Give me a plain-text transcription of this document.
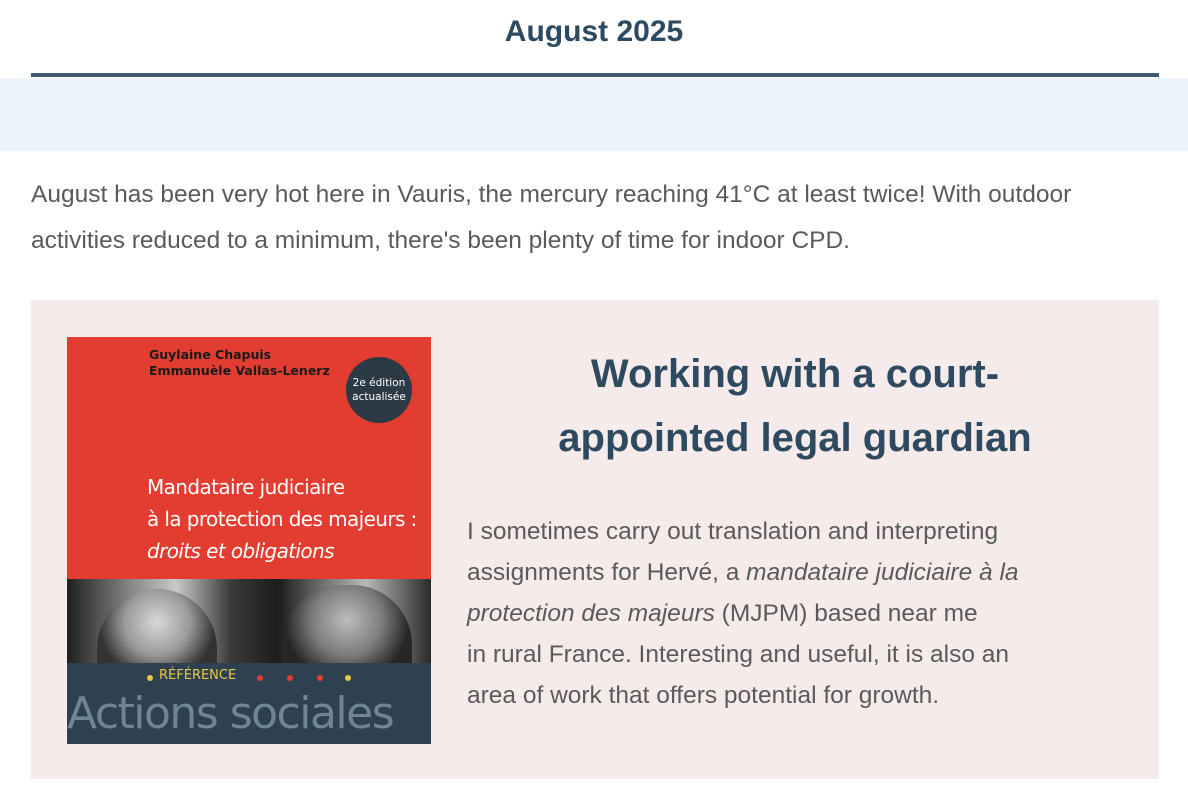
August 2025

August has been very hot here in Vauris, the mercury reaching 41°C at least twice! With outdoor activities reduced to a minimum, there's been plenty of time for indoor CPD.

Guylaine Chapuis
Emmanuèle Vallas-Lenerz
2e édition
actualisée
Mandataire judiciaire
à la protection des majeurs :
droits et obligations
RÉFÉRENCE
Actions sociales
Working with a court-
appointed legal guardian

I sometimes carry out translation and interpreting
assignments for Hervé, a mandataire judiciaire à la
protection des majeurs (MJPM) based near me
in rural France. Interesting and useful, it is also an
area of work that offers potential for growth.
